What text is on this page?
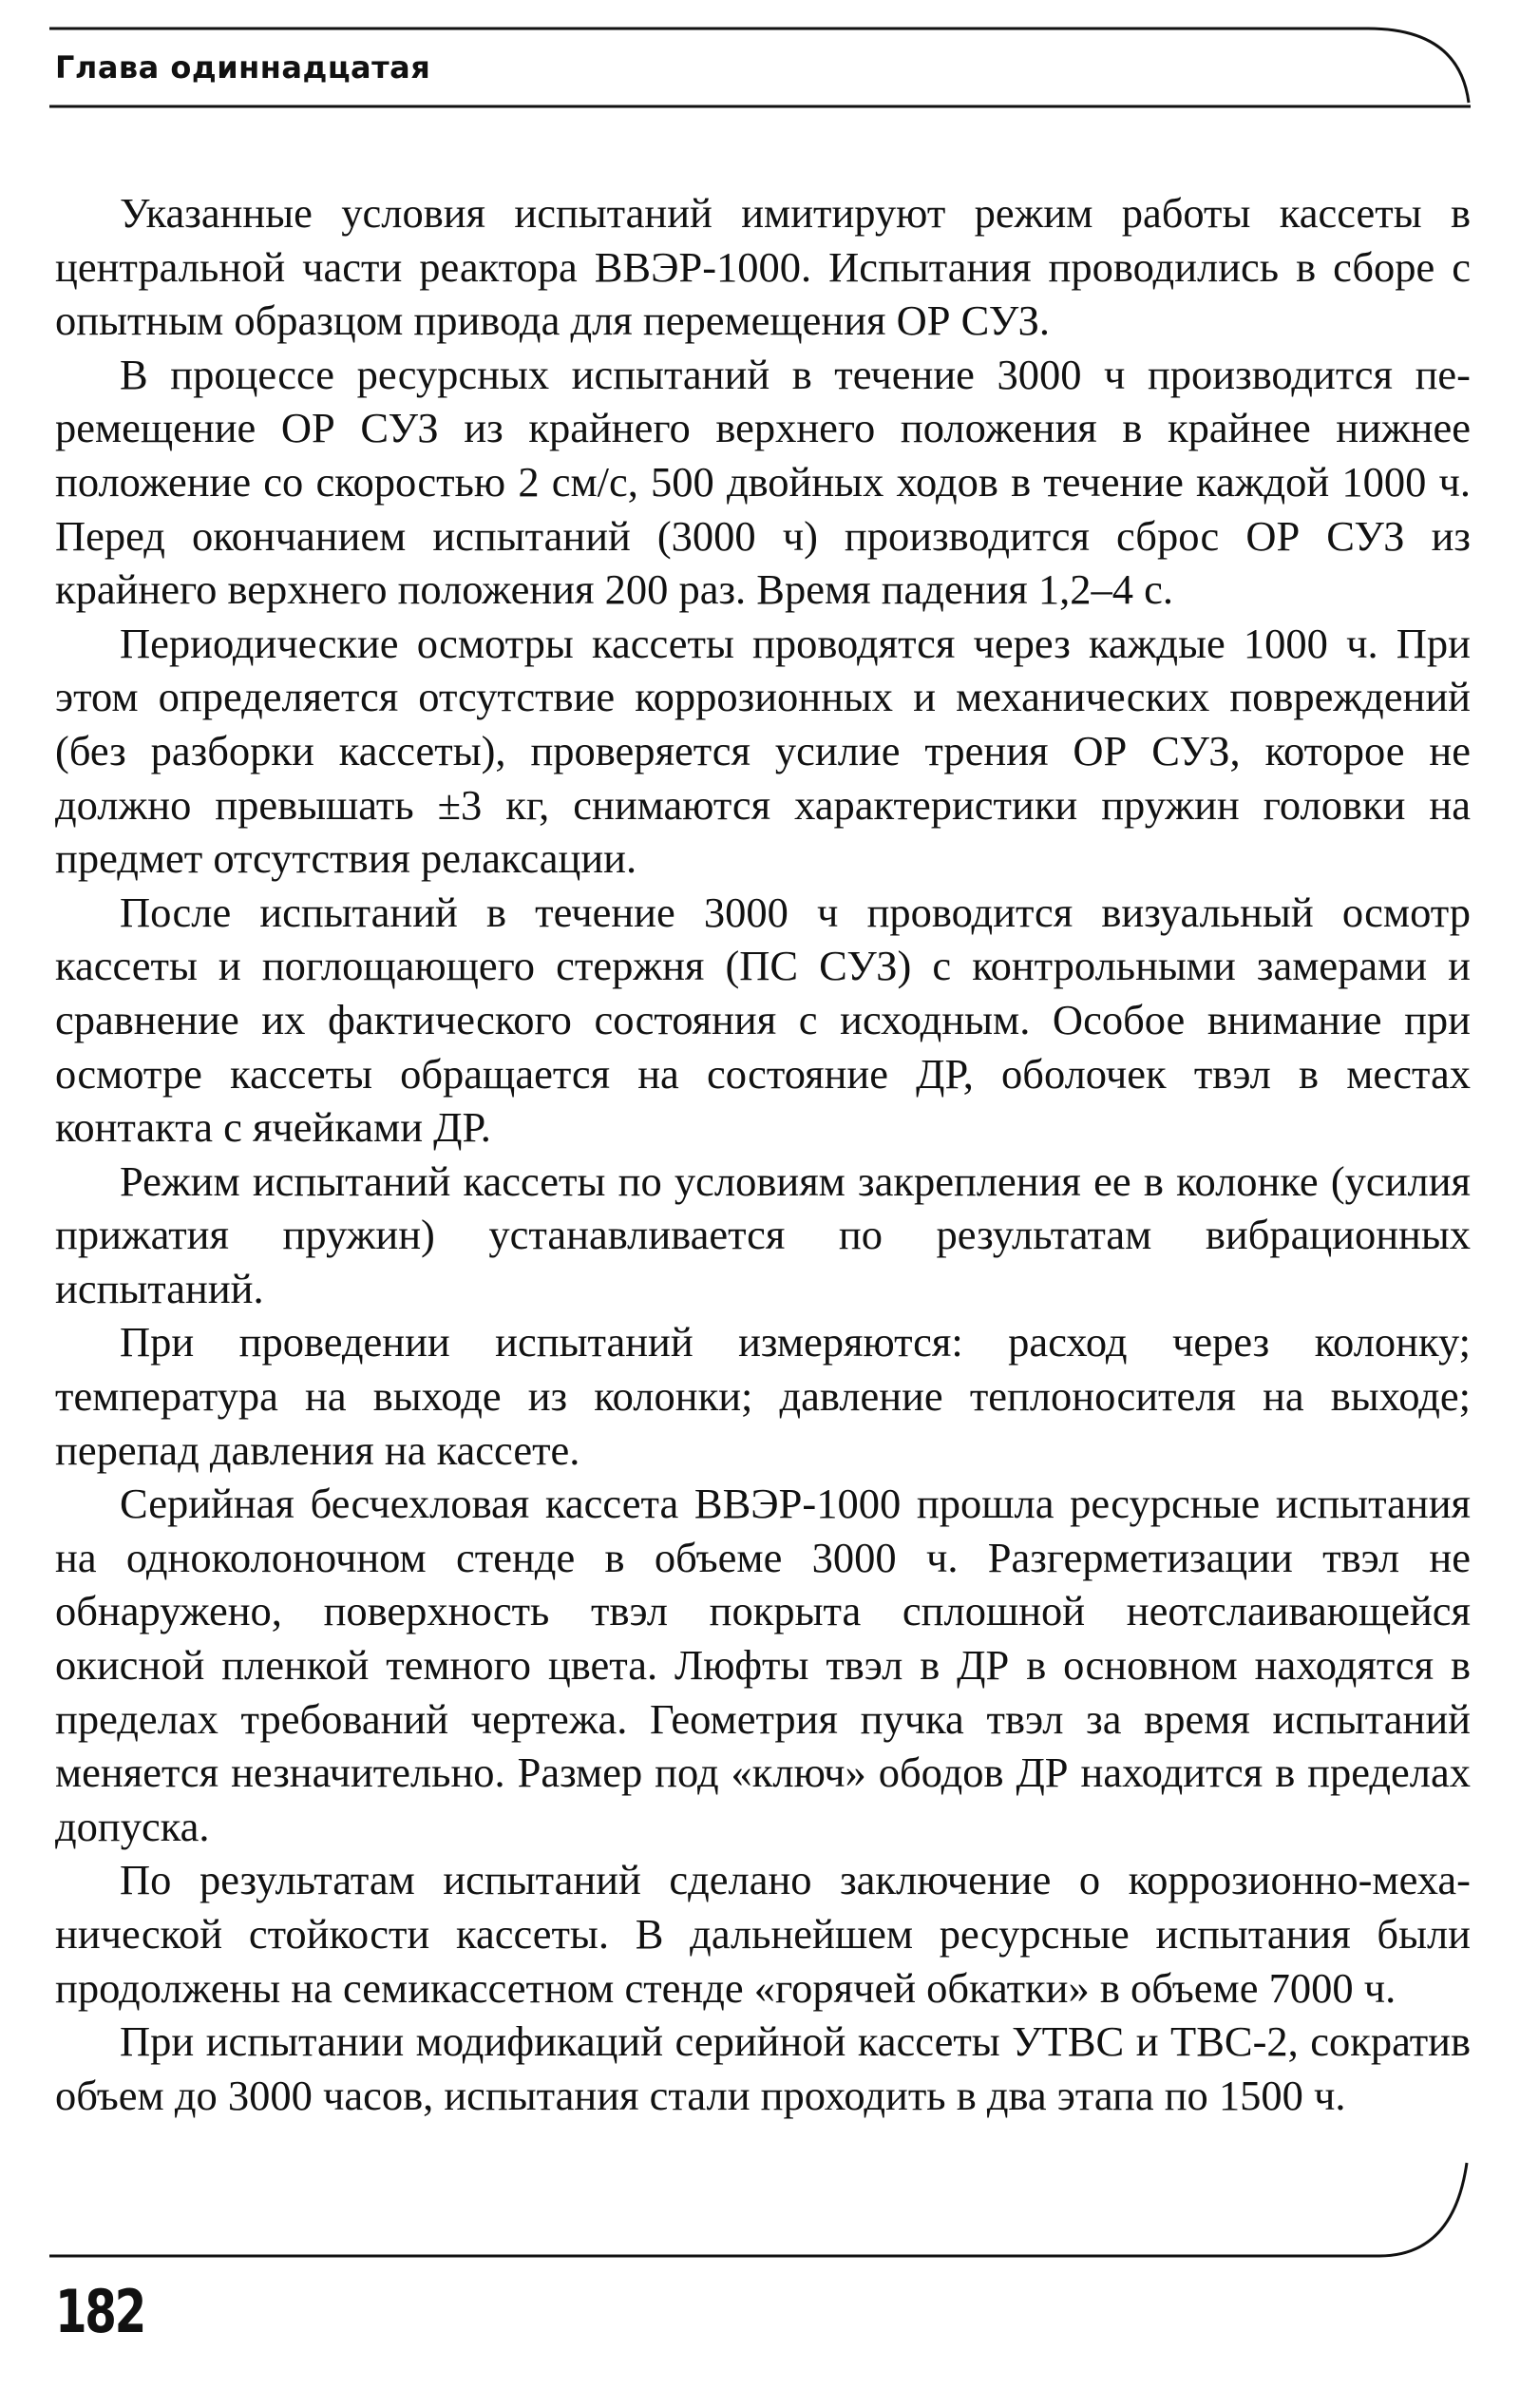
Глава одиннадцатая

Указанные условия испытаний имитируют режим работы кассеты в центральной части реактора ВВЭР-1000. Испытания проводились в сборе с опытным образцом привода для перемещения ОР СУЗ.

В процессе ресурсных испытаний в течение 3000 ч производится перемещение ОР СУЗ из крайнего верхнего положения в крайнее нижнее положение со скоростью 2 см/с, 500 двойных ходов в течение каждой 1000 ч. Перед окончанием испытаний (3000 ч) производится сброс ОР СУЗ из крайнего верхнего положения 200 раз. Время падения 1,2–4 с.

Периодические осмотры кассеты проводятся через каждые 1000 ч. При этом определяется отсутствие коррозионных и механических повреждений (без разборки кассеты), проверяется усилие трения ОР СУЗ, которое не должно превышать ±3 кг, снимаются характеристики пружин головки на предмет отсутствия релаксации.

После испытаний в течение 3000 ч проводится визуальный осмотр кассеты и поглощающего стержня (ПС СУЗ) с контрольными замерами и сравнение их фактического состояния с исходным. Особое внимание при осмотре кассеты обращается на состояние ДР, оболочек твэл в местах контакта с ячейками ДР.

Режим испытаний кассеты по условиям закрепления ее в колонке (усилия прижатия пружин) устанавливается по результатам вибрационных испытаний.

При проведении испытаний измеряются: расход через колонку; температура на выходе из колонки; давление теплоносителя на выходе; перепад давления на кассете.

Серийная бесчехловая кассета ВВЭР-1000 прошла ресурсные испытания на одноколоночном стенде в объеме 3000 ч. Разгерметизации твэл не обнаружено, поверхность твэл покрыта сплошной неотслаивающейся окисной пленкой темного цвета. Люфты твэл в ДР в основном находятся в пределах требований чертежа. Геометрия пучка твэл за время испытаний меняется незначительно. Размер под «ключ» ободов ДР находится в пределах допуска.

По результатам испытаний сделано заключение о коррозионно-механической стойкости кассеты. В дальнейшем ресурсные испытания были продолжены на семикассетном стенде «горячей обкатки» в объеме 7000 ч.

При испытании модификаций серийной кассеты УТВС и ТВС-2, сократив объем до 3000 часов, испытания стали проходить в два этапа по 1500 ч.

182
